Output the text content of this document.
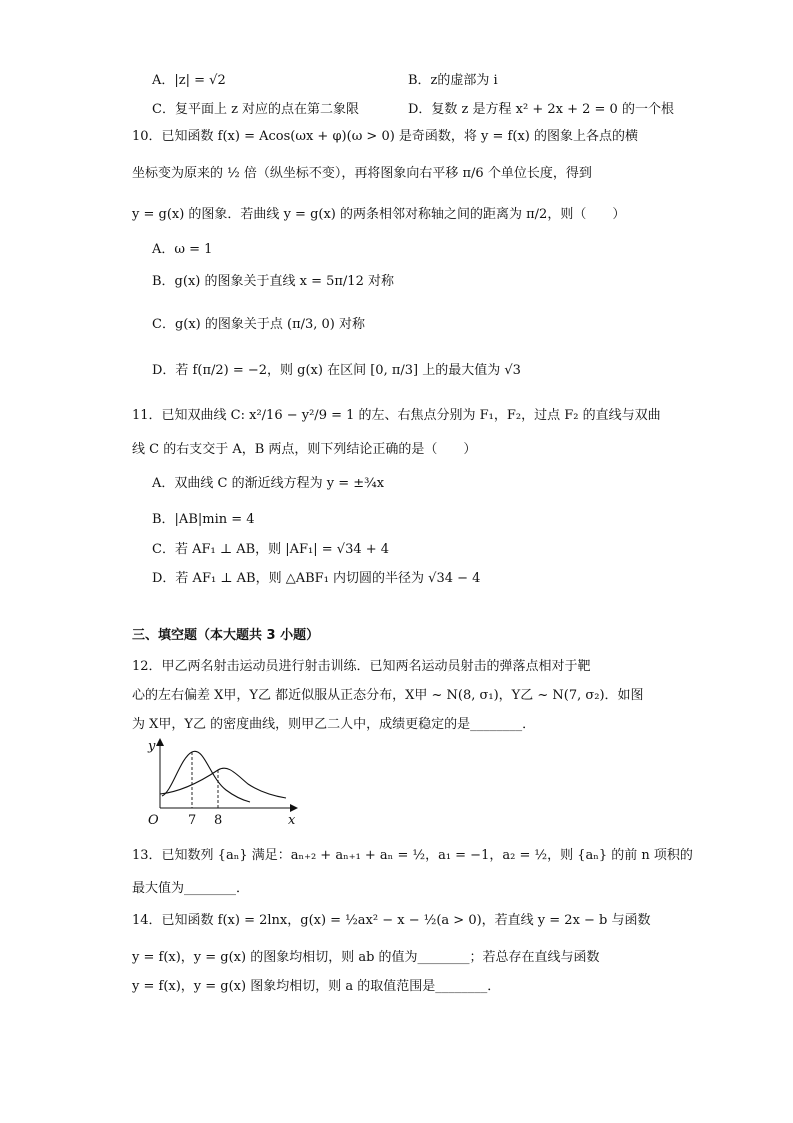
A．|z| = √2	B．z的虚部为 i
C．复平面上 z 对应的点在第二象限	D．复数 z 是方程 x² + 2x + 2 = 0 的一个根
10．已知函数 f(x) = Acos(ωx + φ)(ω > 0) 是奇函数，将 y = f(x) 的图象上各点的横
坐标变为原来的 ½ 倍（纵坐标不变），再将图象向右平移 π/6 个单位长度，得到
y = g(x) 的图象．若曲线 y = g(x) 的两条相邻对称轴之间的距离为 π/2，则（　　）
A．ω = 1
B．g(x) 的图象关于直线 x = 5π/12 对称
C．g(x) 的图象关于点 (π/3, 0) 对称
D．若 f(π/2) = −2，则 g(x) 在区间 [0, π/3] 上的最大值为 √3
11．已知双曲线 C: x²/16 − y²/9 = 1 的左、右焦点分别为 F₁，F₂，过点 F₂ 的直线与双曲
线 C 的右支交于 A，B 两点，则下列结论正确的是（　　）
A．双曲线 C 的渐近线方程为 y = ±¾x
B．|AB|min = 4
C．若 AF₁ ⊥ AB，则 |AF₁| = √34 + 4
D．若 AF₁ ⊥ AB，则 △ABF₁ 内切圆的半径为 √34 − 4
三、填空题（本大题共 3 小题）
12．甲乙两名射击运动员进行射击训练．已知两名运动员射击的弹落点相对于靶
心的左右偏差 X甲，Y乙 都近似服从正态分布，X甲 ~ N(8, σ₁)，Y乙 ~ N(7, σ₂)．如图
为 X甲，Y乙 的密度曲线，则甲乙二人中，成绩更稳定的是________．
y
x
O 7 8
13．已知数列 {aₙ} 满足：aₙ₊₂ + aₙ₊₁ + aₙ = ½，a₁ = −1，a₂ = ½，则 {aₙ} 的前 n 项积的
最大值为________．
14．已知函数 f(x) = 2lnx，g(x) = ½ax² − x − ½(a > 0)，若直线 y = 2x − b 与函数
y = f(x)，y = g(x) 的图象均相切，则 ab 的值为________；若总存在直线与函数
y = f(x)，y = g(x) 图象均相切，则 a 的取值范围是________．
